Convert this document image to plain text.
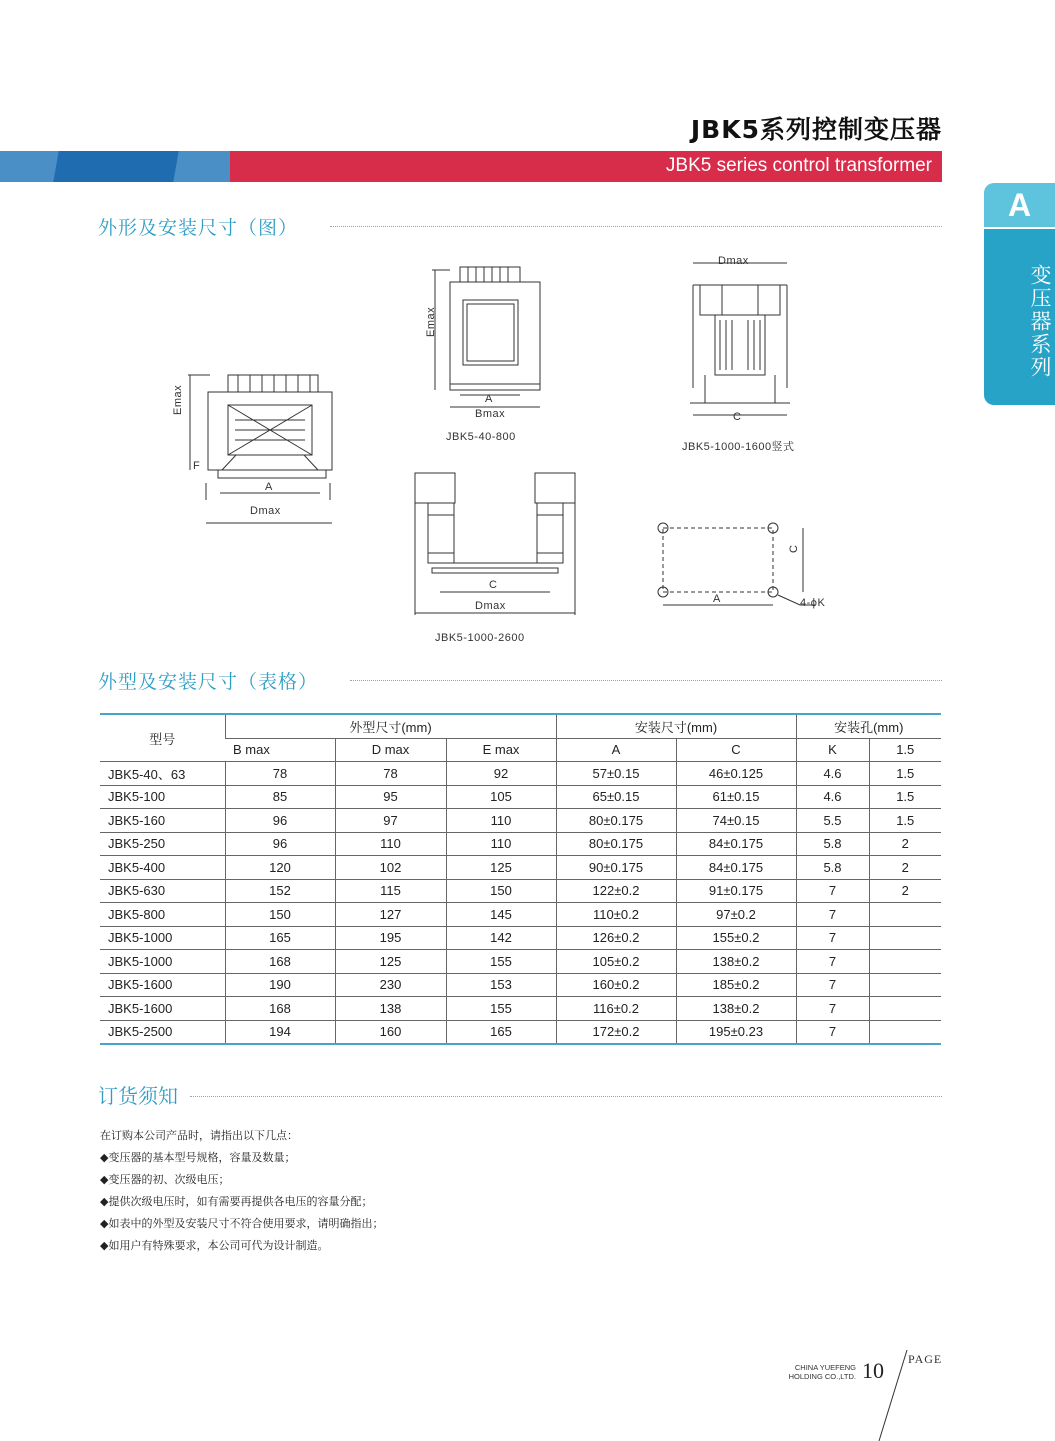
JBK5系列控制变压器
JBK5 series control transformer
A
变压器系列
外形及安装尺寸（图）
Emax
F
A
Dmax
Emax
A
Bmax
JBK5-40-800
Dmax
C
JBK5-1000-1600竖式
C
Dmax
JBK5-1000-2600
A
C
4-ϕK
外型及安装尺寸（表格）
型号	外型尺寸(mm)			安装尺寸(mm)		安装孔(mm)	
	B max	D max	E max	A	C	K	1.5
JBK5-40、63	78	78	92	57±0.15	46±0.125	4.6	1.5
JBK5-100	85	95	105	65±0.15	61±0.15	4.6	1.5
JBK5-160	96	97	110	80±0.175	74±0.15	5.5	1.5
JBK5-250	96	110	110	80±0.175	84±0.175	5.8	2
JBK5-400	120	102	125	90±0.175	84±0.175	5.8	2
JBK5-630	152	115	150	122±0.2	91±0.175	7	2
JBK5-800	150	127	145	110±0.2	97±0.2	7	
JBK5-1000	165	195	142	126±0.2	155±0.2	7	
JBK5-1000	168	125	155	105±0.2	138±0.2	7	
JBK5-1600	190	230	153	160±0.2	185±0.2	7	
JBK5-1600	168	138	155	116±0.2	138±0.2	7	
JBK5-2500	194	160	165	172±0.2	195±0.23	7	
订货须知
在订购本公司产品时，请指出以下几点：
◆变压器的基本型号规格，容量及数量；
◆变压器的初、次级电压；
◆提供次级电压时，如有需要再提供各电压的容量分配；
◆如表中的外型及安装尺寸不符合使用要求，请明确指出；
◆如用户有特殊要求，本公司可代为设计制造。
CHINA YUEFENG
HOLDING CO.,LTD. 10 PAGE
